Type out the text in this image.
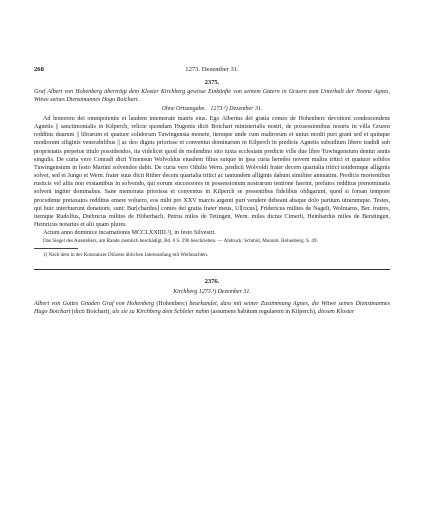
268	1273. Dezember 31.
2375.

Graf Albert von Hohenberg überträgt dem Kloster Kirchberg gewisse Einkünfte von seinem Gütern in Gruorn zum Unterhalt der Nonne Agnes, Witwe seines Dienstmannes Hugo Boichart.

Ohne Ortsangabe. 1273.¹) Dezember 31.

Ad honorem dei omnipotentis et laudem intemerate matris eius. Ego Albertus dei gratia comes de Hohenberc devotioni condescendens Agnetis || sanctimonialis in Kilperch, relicte quondam Hugonis dicti Boichart ministerialis nostri, de possessionibus nostris in villa Gruren redditus duarum || librarum et quatuor solidorum Tuwingensia monete, itemque unde cum maltrorum et unius modii puri grani sed et quinque modiorum siliginis venerabilibus || ac deo dignis priorisse et conventui dominarum in Kilperch in predicte Agnetis subsidium libere tradidi sub proprietatis perpetue titulo possidendos, ita videlicet quod de molendino sito iuxta ecclesiam predicte ville due libre Tuwingensium dentur annis singulis. De curia vero Conradi dicti Ymensun Wolvoldus eiusdem filius suique in ipsa curia heredes novem maltra tritici et quatuor solidos Tuwingensium in festo Martini solvendos dabit. De curia vero Othilie Wern. predicti Wolvoldi frater decem quartalia tritici totidemque alliginis solvet, sed et Jungo et Wern. frater suus dicti Rither decem quartalia tritici ac tantundem alliginis dabunt similiter annuatim. Predicis morientibus rusticis vel aliis non exstantibus in solvendo, qui eorum successores in possessionum nostrarum tentione fuerint, prefatos redditus prenominatis solvent ingiter dominabus. Sane memorata priorissa et conventus in Kilperch se presentibus fidelibus obligarunt, quod si forsan tempore procedente pretaxatos redditus emere voluero, eos mihi pro XXV marcis argenti puri vendere debeant absque dolo partium utrarumque. Testes, qui huic interfuerunt donationi, sunt: Bur[chardus] comes dei gratia frater meus, Ul[ricus], Fridericus milites de Nagelt, Wolmarus, Ber. fratres, itemque Rudolfus, Diebricus milites de Höberbach, Petrus miles de Tetingen, Wern. miles dictus Cimerli, Heinhardus miles de Berstingen, Heinricus notarius et alii quam plures.

Actum anno dominice incarnationis MCCLXXIIII.²), in festo Silvestri.

Das Siegel des Ausstellers, am Rande ziemlich beschädigt, Bd. 6 S. 296 beschrieben. — Abdruck: Schmid, Monum. Hohenberg. S. 49.

1) Nach dem in der Konstanzer Diözese üblichen Jahresanfang mit Weihnachten.

2376.
Kirchberg 1273.¹) Dezember 31.

Albert von Gottes Gnaden Graf von Hohenberg (Hohenberc) beurkundet, dass mit seiner Zustimmung Agnes, die Witwe seines Dienstmannes Hugo Boichart (dicti Boichart), als sie zu Kirchberg dem Schleier nahm (assumens habitum regularem in Kilperch), diesem Kloster
